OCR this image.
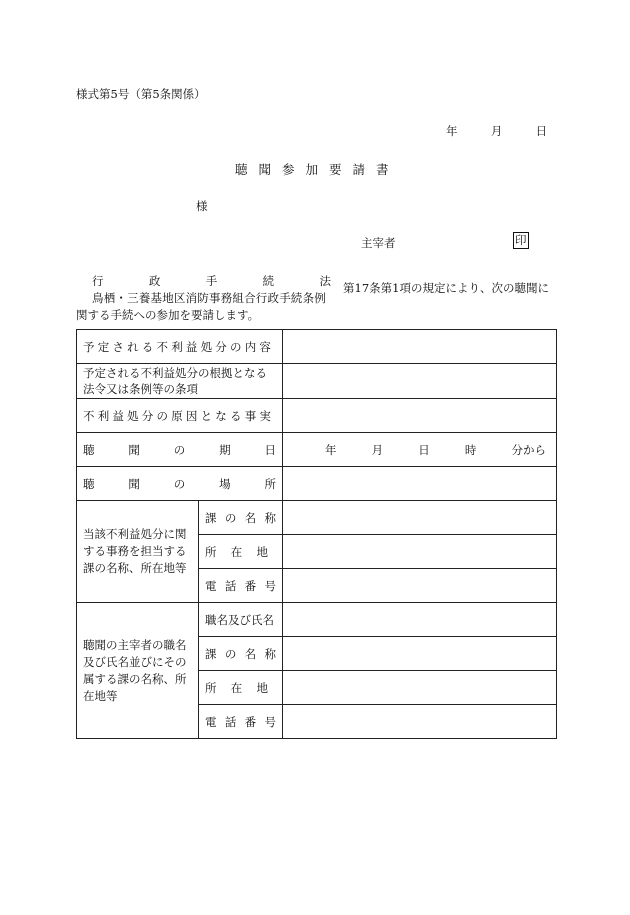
様式第5号（第5条関係）
年	月	日
聴聞参加要請書
様
主宰者	印
行	政	手	続	法
鳥栖・三養基地区消防事務組合行政手続条例
第17条第1項の規定により、次の聴聞に
関する手続への参加を要請します。
予定される不利益処分の内容		

予定される不利益処分の根拠となる
法令又は条例等の条項		

不利益処分の原因となる事実		

聴 聞 の 期 日		年 月 日 時 分から

聴 聞 の 場 所		

当該不利益処分に関する事務を担当する課の名称、所在地等	課 の 名 称	

	所 在 地	

	電 話 番 号	

聴聞の主宰者の職名及び氏名並びにその属する課の名称、所在地等	職名及び氏名	

	課 の 名 称	

	所 在 地	

	電 話 番 号	
